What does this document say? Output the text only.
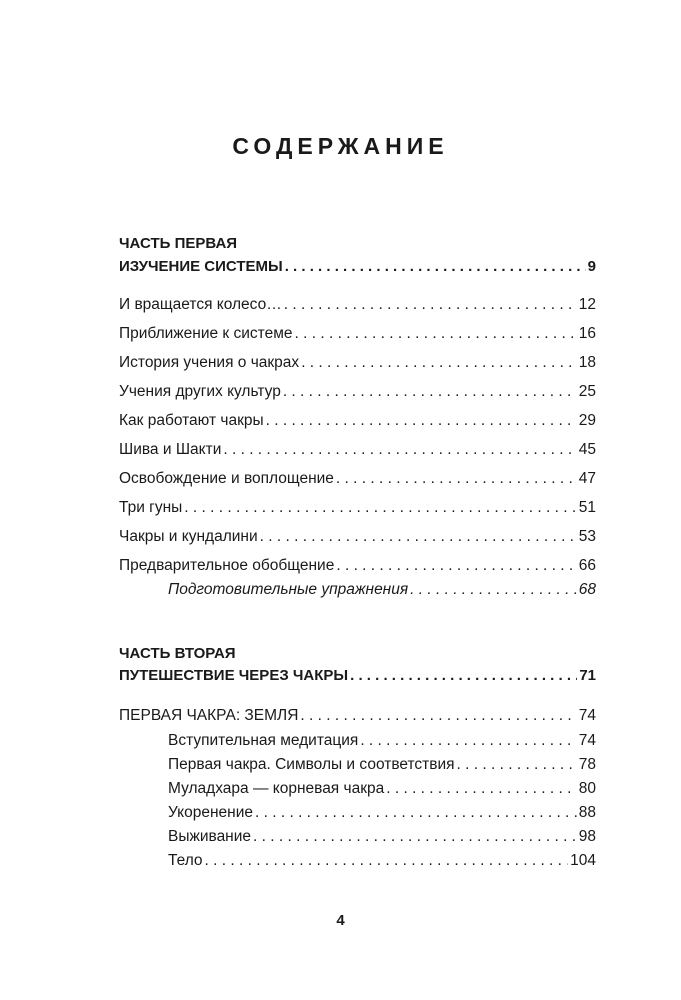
СОДЕРЖАНИЕ
ЧАСТЬ ПЕРВАЯ
ИЗУЧЕНИЕ СИСТЕМЫ . . .	9
И вращается колесо… . . .	12
Приближение к системе . . .	16
История учения о чакрах . . .	18
Учения других культур . . .	25
Как работают чакры . . .	29
Шива и Шакти . . .	45
Освобождение и воплощение . . .	47
Три гуны . . .	51
Чакры и кундалини . . .	53
Предварительное обобщение . . .	66
Подготовительные упражнения . . .	68
ЧАСТЬ ВТОРАЯ
ПУТЕШЕСТВИЕ ЧЕРЕЗ ЧАКРЫ . . .	71
ПЕРВАЯ ЧАКРА: ЗЕМЛЯ . . .	74
Вступительная медитация . . .	74
Первая чакра. Символы и соответствия . . .	78
Муладхара — корневая чакра . . .	80
Укоренение . . .	88
Выживание . . .	98
Тело . . .	104
4
